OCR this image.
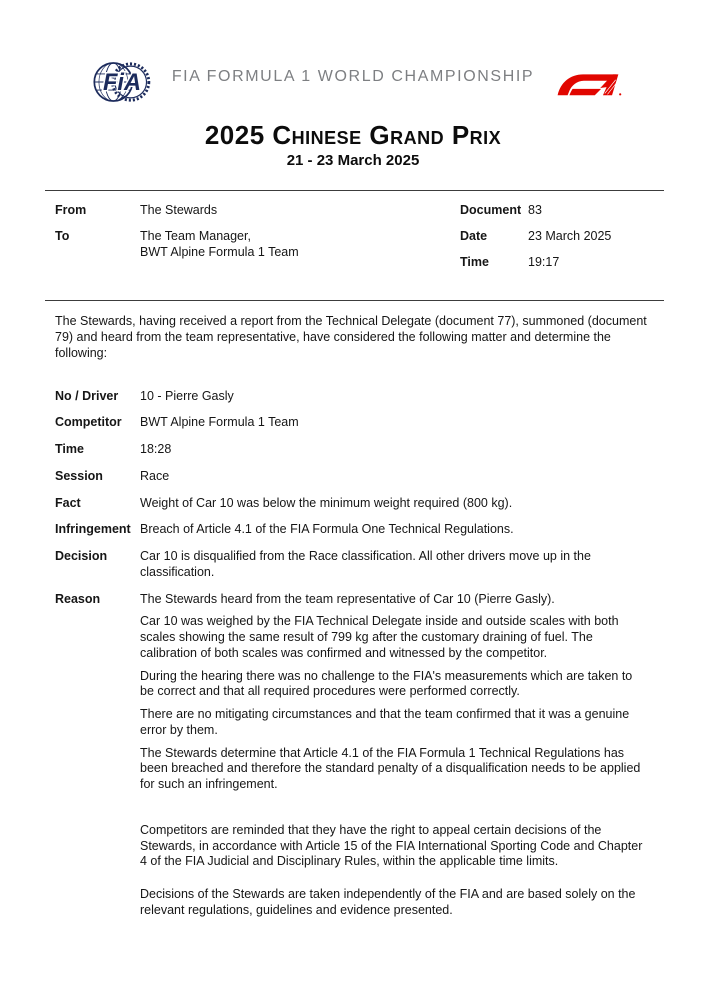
FiA	FIA FORMULA 1 WORLD CHAMPIONSHIP
2025 Chinese Grand Prix
21 - 23 March 2025
From	The Stewards
To	The Team Manager,
BWT Alpine Formula 1 Team
Document 83
Date	23 March 2025
Time	19:17

The Stewards, having received a report from the Technical Delegate (document 77), summoned (document 79) and heard from the team representative, have considered the following matter and determine the following:

No / Driver	10 - Pierre Gasly
Competitor	BWT Alpine Formula 1 Team
Time	18:28
Session	Race
Fact	Weight of Car 10 was below the minimum weight required (800 kg).
Infringement Breach of Article 4.1 of the FIA Formula One Technical Regulations.
Decision	Car 10 is disqualified from the Race classification. All other drivers move up in the classification.
Reason	The Stewards heard from the team representative of Car 10 (Pierre Gasly).

Car 10 was weighed by the FIA Technical Delegate inside and outside scales with both scales showing the same result of 799 kg after the customary draining of fuel. The calibration of both scales was confirmed and witnessed by the competitor.

During the hearing there was no challenge to the FIA's measurements which are taken to be correct and that all required procedures were performed correctly.

There are no mitigating circumstances and that the team confirmed that it was a genuine error by them.

The Stewards determine that Article 4.1 of the FIA Formula 1 Technical Regulations has been breached and therefore the standard penalty of a disqualification needs to be applied for such an infringement.

Competitors are reminded that they have the right to appeal certain decisions of the Stewards, in accordance with Article 15 of the FIA International Sporting Code and Chapter 4 of the FIA Judicial and Disciplinary Rules, within the applicable time limits.

Decisions of the Stewards are taken independently of the FIA and are based solely on the relevant regulations, guidelines and evidence presented.
